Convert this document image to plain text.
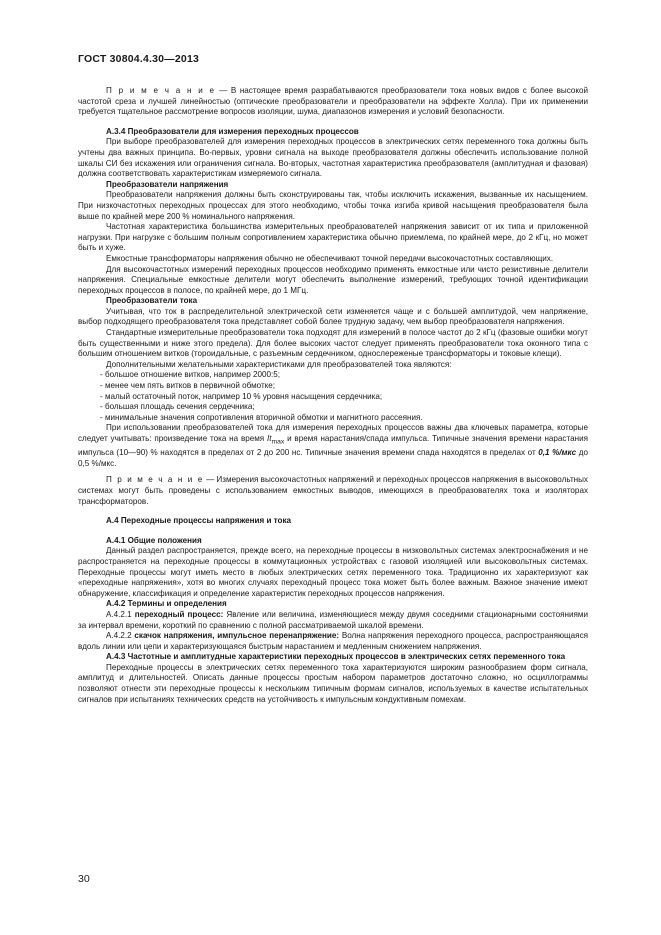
ГОСТ 30804.4.30—2013

П р и м е ч а н и е — В настоящее время разрабатываются преобразователи тока новых видов с более высокой частотой среза и лучшей линейностью (оптические преобразователи и преобразователи на эффекте Холла). При их применении требуется тщательное рассмотрение вопросов изоляции, шума, диапазонов измерения и условий безопасности.

А.3.4 Преобразователи для измерения переходных процессов

При выборе преобразователей для измерения переходных процессов в электрических сетях переменного тока должны быть учтены два важных принципа. Во-первых, уровни сигнала на выходе преобразователя должны обеспечить использование полной шкалы СИ без искажения или ограничения сигнала. Во-вторых, частотная характеристика преобразователя (амплитудная и фазовая) должна соответствовать характеристикам измеряемого сигнала.

Преобразователи напряжения

Преобразователи напряжения должны быть сконструированы так, чтобы исключить искажения, вызванные их насыщением. При низкочастотных переходных процессах для этого необходимо, чтобы точка изгиба кривой насыщения преобразователя была выше по крайней мере 200 % номинального напряжения.

Частотная характеристика большинства измерительных преобразователей напряжения зависит от их типа и приложенной нагрузки. При нагрузке с большим полным сопротивлением характеристика обычно приемлема, по крайней мере, до 2 кГц, но может быть и хуже.

Емкостные трансформаторы напряжения обычно не обеспечивают точной передачи высокочастотных составляющих.

Для высокочастотных измерений переходных процессов необходимо применять емкостные или чисто резистивные делители напряжения. Специальные емкостные делители могут обеспечить выполнение измерений, требующих точной идентификации переходных процессов в полосе, по крайней мере, до 1 МГц.

Преобразователи тока

Учитывая, что ток в распределительной электрической сети изменяется чаще и с большей амплитудой, чем напряжение, выбор подходящего преобразователя тока представляет собой более трудную задачу, чем выбор преобразователя напряжения.

Стандартные измерительные преобразователи тока подходят для измерений в полосе частот до 2 кГц (фазовые ошибки могут быть существенными и ниже этого предела). Для более высоких частот следует применять преобразователи тока оконного типа с большим отношением витков (тороидальные, с разъемным сердечником, однослереженые трансформаторы и токовые клещи).

Дополнительными желательными характеристиками для преобразователей тока являются:

- большое отношение витков, например 2000:5;

- менее чем пять витков в первичной обмотке;

- малый остаточный поток, например 10 % уровня насыщения сердечника;

- большая площадь сечения сердечника;

- минимальные значения сопротивления вторичной обмотки и магнитного рассеяния.

При использовании преобразователей тока для измерения переходных процессов важны два ключевых параметра, которые следует учитывать: произведение тока на время $It_{max}$ и время нарастания/спада импульса. Типичные значения времени нарастания импульса (10—90) % находятся в пределах от 2 до 200 нс. Типичные значения времени спада находятся в пределах от 0,1 %/мкс до 0,5 %/мкс.

П р и м е ч а н и е — Измерения высокочастотных напряжений и переходных процессов напряжения в высоковольтных системах могут быть проведены с использованием емкостных выводов, имеющихся в преобразователях тока и изоляторах трансформаторов.

А.4 Переходные процессы напряжения и тока

А.4.1 Общие положения

Данный раздел распространяется, прежде всего, на переходные процессы в низковольтных системах электроснабжения и не распространяется на переходные процессы в коммутационных устройствах с газовой изоляцией или высоковольтных системах. Переходные процессы могут иметь место в любых электрических сетях переменного тока. Традиционно их характеризуют как «переходные напряжения», хотя во многих случаях переходный процесс тока может быть более важным. Важное значение имеют обнаружение, классификация и определение характеристик переходных процессов напряжения.

А.4.2 Термины и определения

А.4.2.1 переходный процесс: Явление или величина, изменяющиеся между двумя соседними стационарными состояниями за интервал времени, короткий по сравнению с полной рассматриваемой шкалой времени.

А.4.2.2 скачок напряжения, импульсное перенапряжение: Волна напряжения переходного процесса, распространяющаяся вдоль линии или цепи и характеризующаяся быстрым нарастанием и медленным снижением напряжения.

А.4.3 Частотные и амплитудные характеристики переходных процессов в электрических сетях переменного тока

Переходные процессы в электрических сетях переменного тока характеризуются широким разнообразием форм сигнала, амплитуд и длительностей. Описать данные процессы простым набором параметров достаточно сложно, но осциллограммы позволяют отнести эти переходные процессы к нескольким типичным формам сигналов, используемых в качестве испытательных сигналов при испытаниях технических средств на устойчивость к импульсным кондуктивным помехам.

30
